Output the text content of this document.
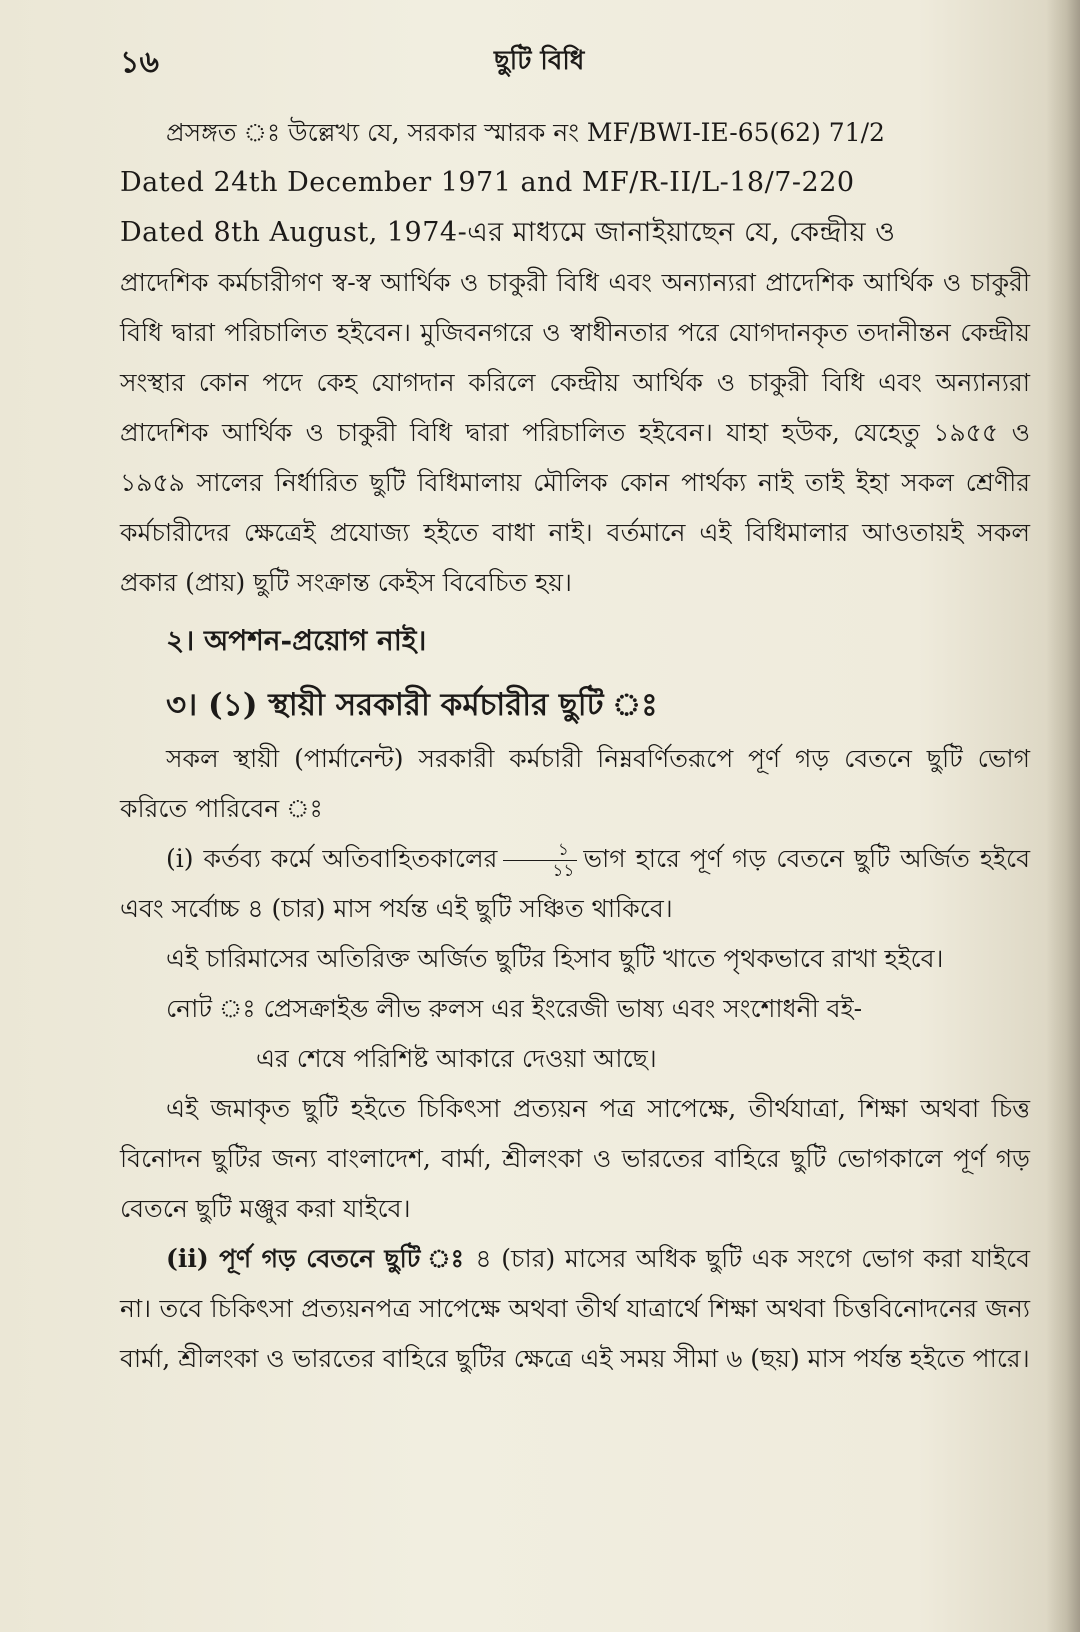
১৬	ছুটি বিধি

প্রসঙ্গত ঃ উল্লেখ্য যে, সরকার স্মারক নং MF/BWI-IE-65(62) 71/2

Dated 24th December 1971 and MF/R-II/L-18/7-220

Dated 8th August, 1974-এর মাধ্যমে জানাইয়াছেন যে, কেন্দ্রীয় ও

প্রাদেশিক কর্মচারীগণ স্ব-স্ব আর্থিক ও চাকুরী বিধি এবং অন্যান্যরা প্রাদেশিক আর্থিক ও চাকুরী বিধি দ্বারা পরিচালিত হইবেন। মুজিবনগরে ও স্বাধীনতার পরে যোগদানকৃত তদানীন্তন কেন্দ্রীয় সংস্থার কোন পদে কেহ যোগদান করিলে কেন্দ্রীয় আর্থিক ও চাকুরী বিধি এবং অন্যান্যরা প্রাদেশিক আর্থিক ও চাকুরী বিধি দ্বারা পরিচালিত হইবেন। যাহা হউক, যেহেতু ১৯৫৫ ও ১৯৫৯ সালের নির্ধারিত ছুটি বিধিমালায় মৌলিক কোন পার্থক্য নাই তাই ইহা সকল শ্রেণীর কর্মচারীদের ক্ষেত্রেই প্রযোজ্য হইতে বাধা নাই। বর্তমানে এই বিধিমালার আওতায়ই সকল প্রকার (প্রায়) ছুটি সংক্রান্ত কেইস বিবেচিত হয়।

২। অপশন-প্রয়োগ নাই।

৩। (১) স্থায়ী সরকারী কর্মচারীর ছুটি ঃ

সকল স্থায়ী (পার্মানেন্ট) সরকারী কর্মচারী নিম্নবর্ণিতরূপে পূর্ণ গড় বেতনে ছুটি ভোগ করিতে পারিবেন ঃ

(i) কর্তব্য কর্মে অতিবাহিতকালের $\frac{১}{১১}$ ভাগ হারে পূর্ণ গড় বেতনে ছুটি অর্জিত হইবে এবং সর্বোচ্চ ৪ (চার) মাস পর্যন্ত এই ছুটি সঞ্চিত থাকিবে।

এই চারিমাসের অতিরিক্ত অর্জিত ছুটির হিসাব ছুটি খাতে পৃথকভাবে রাখা হইবে।

নোট ঃ প্রেসক্রাইব্ড লীভ রুলস এর ইংরেজী ভাষ্য এবং সংশোধনী বই-

এর শেষে পরিশিষ্ট আকারে দেওয়া আছে।

এই জমাকৃত ছুটি হইতে চিকিৎসা প্রত্যয়ন পত্র সাপেক্ষে, তীর্থযাত্রা, শিক্ষা অথবা চিত্ত বিনোদন ছুটির জন্য বাংলাদেশ, বার্মা, শ্রীলংকা ও ভারতের বাহিরে ছুটি ভোগকালে পূর্ণ গড় বেতনে ছুটি মঞ্জুর করা যাইবে।

(ii) পূর্ণ গড় বেতনে ছুটি ঃ ৪ (চার) মাসের অধিক ছুটি এক সংগে ভোগ করা যাইবে না। তবে চিকিৎসা প্রত্যয়নপত্র সাপেক্ষে অথবা তীর্থ যাত্রার্থে শিক্ষা অথবা চিত্তবিনোদনের জন্য বার্মা, শ্রীলংকা ও ভারতের বাহিরে ছুটির ক্ষেত্রে এই সময় সীমা ৬ (ছয়) মাস পর্যন্ত হইতে পারে।
